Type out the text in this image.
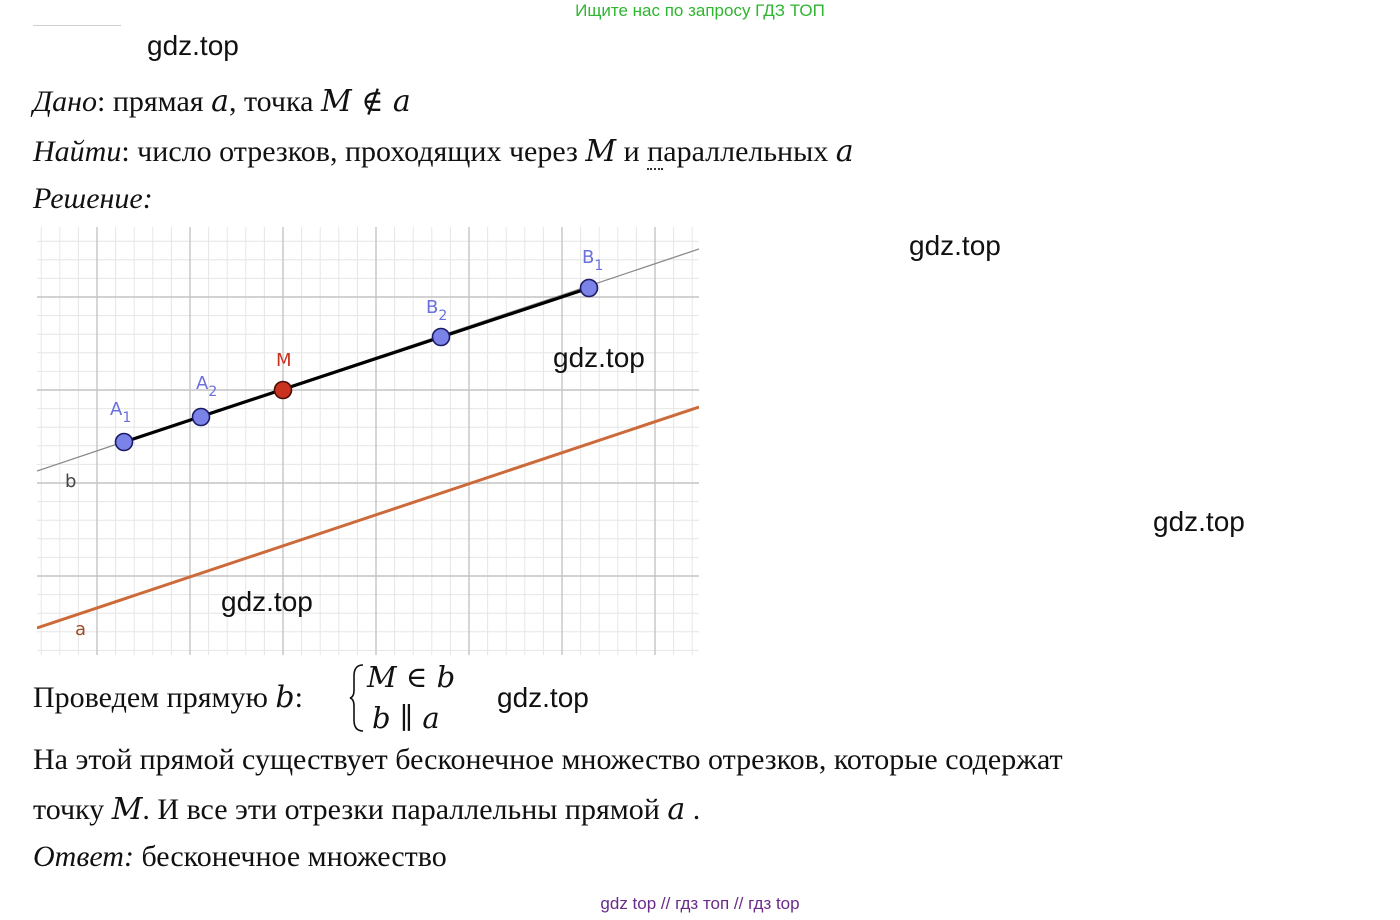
Ищите нас по запросу ГДЗ ТОП
gdz.top
Дано: прямая a, точка M ∉ a
Найти: число отрезков, проходящих через M и параллельных a
Решение:
$B_1$
$B_2$
M
$A_2$
$A_1$
b
a
gdz.top
gdz.top
gdz.top
gdz.top
Проведем прямую b:
M ∈ b
b ∥ a
gdz.top
На этой прямой существует бесконечное множество отрезков, которые содержат
точку M. И все эти отрезки параллельны прямой a .
Ответ: бесконечное множество
gdz top // гдз топ // гдз top
